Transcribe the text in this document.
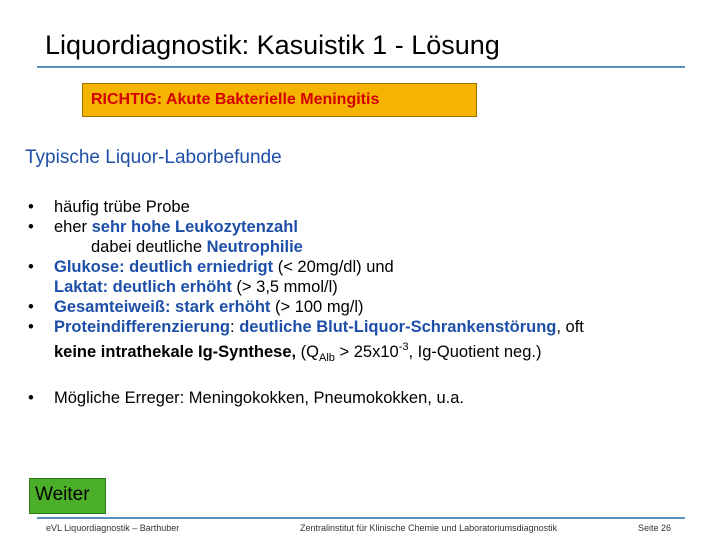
Liquordiagnostik: Kasuistik 1 - Lösung
RICHTIG: Akute Bakterielle Meningitis
Typische Liquor-Laborbefunde
• häufig trübe Probe
• eher sehr hohe Leukozytenzahl
dabei deutliche Neutrophilie
• Glukose: deutlich erniedrigt (< 20mg/dl) und
Laktat: deutlich erhöht (> 3,5 mmol/l)
• Gesamteiweiß: stark erhöht (> 100 mg/l)
• Proteindifferenzierung: deutliche Blut-Liquor-Schrankenstörung, oft
keine intrathekale Ig-Synthese, ($Q_{Alb} > 25x10^{-3}$, Ig-Quotient neg.)
• Mögliche Erreger: Meningokokken, Pneumokokken, u.a.
Weiter
eVL Liquordiagnostik – Barthuber	Zentralinstitut für Klinische Chemie und Laboratoriumsdiagnostik	Seite 26
